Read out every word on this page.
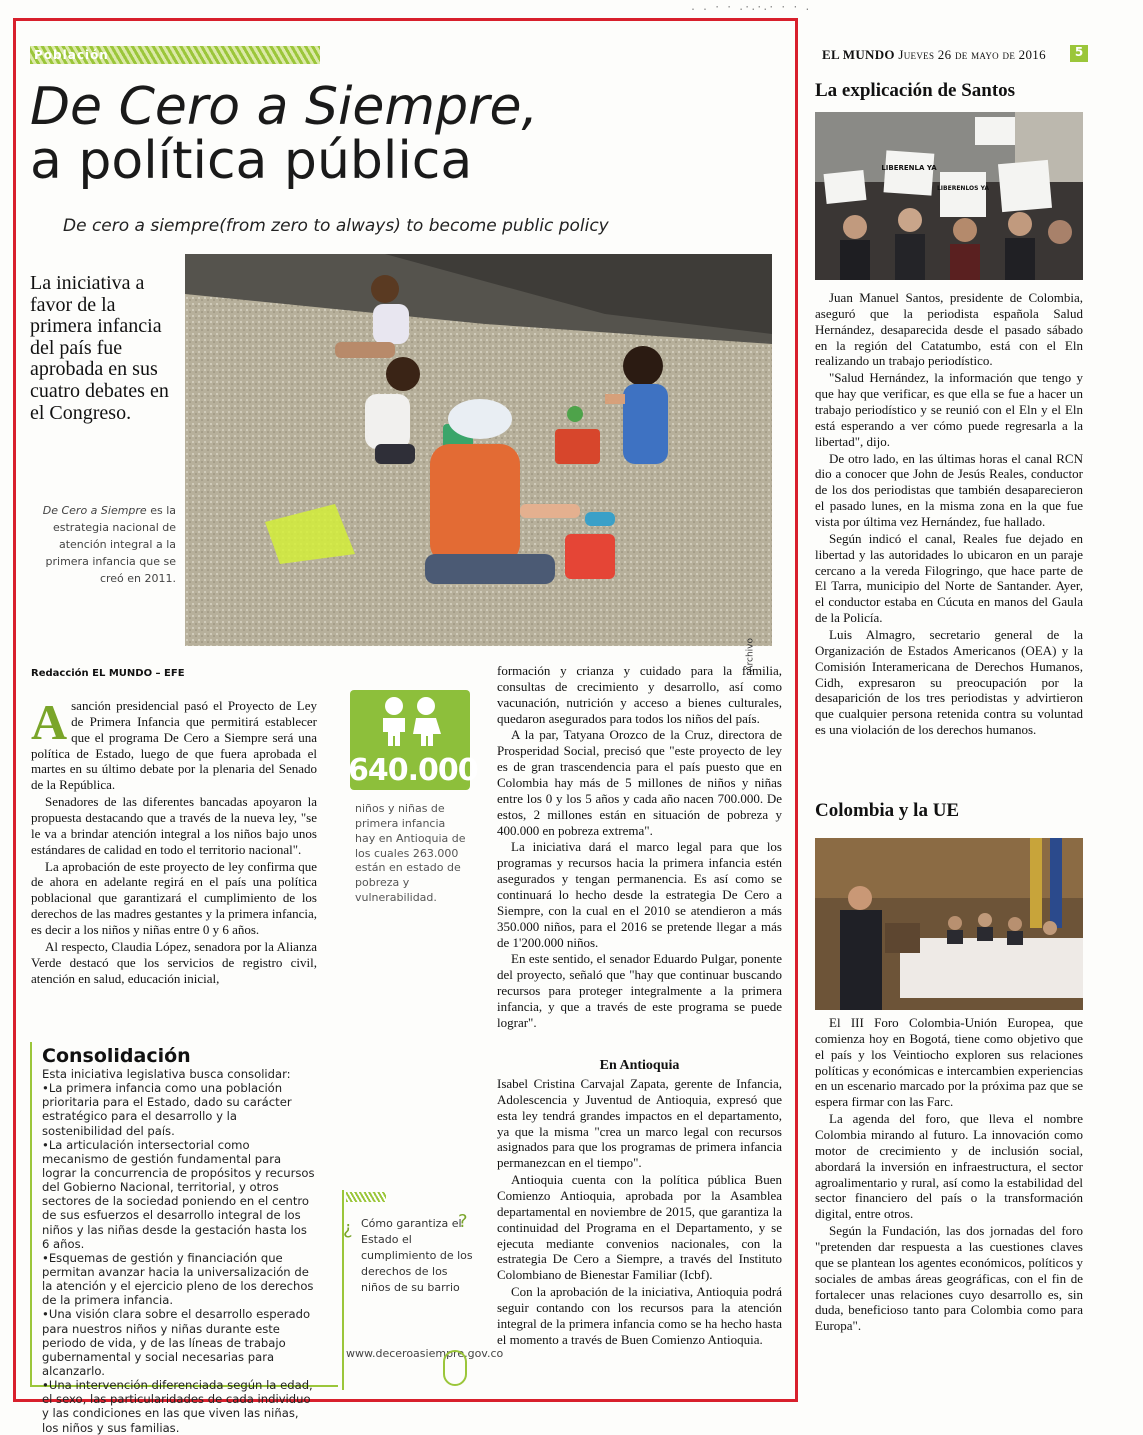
. . · · .·.·.· · · .
Población
De Cero a Siempre,
a política pública
De cero a siempre(from zero to always) to become public policy
La iniciativa a favor de la primera infancia del país fue aprobada en sus cuatro debates en el Congreso.
Archivo
De Cero a Siempre es la estrategia nacional de atención integral a la primera infancia que se creó en 2011.
Redacción EL MUNDO – EFE

Asanción presidencial pasó el Proyecto de Ley de Primera Infancia que permitirá establecer que el programa De Cero a Siempre será una política de Estado, luego de que fuera aprobada el martes en su último debate por la plenaria del Senado de la República.

Senadores de las diferentes bancadas apoyaron la propuesta destacando que a través de la nueva ley, "se le va a brindar atención integral a los niños bajo unos estándares de calidad en todo el territorio nacional".

La aprobación de este proyecto de ley confirma que de ahora en adelante regirá en el país una política poblacional que garantizará el cumplimiento de los derechos de las madres gestantes y la primera infancia, es decir a los niños y niñas entre 0 y 6 años.

Al respecto, Claudia López, senadora por la Alianza Verde destacó que los servicios de registro civil, atención en salud, educación inicial,

640.000
niños y niñas de primera infancia hay en Antioquia de los cuales 263.000 están en estado de pobreza y vulnerabilidad.

formación y crianza y cuidado para la familia, consultas de crecimiento y desarrollo, así como vacunación, nutrición y acceso a bienes culturales, quedaron asegurados para todos los niños del país.

A la par, Tatyana Orozco de la Cruz, directora de Prosperidad Social, precisó que "este proyecto de ley es de gran trascendencia para el país puesto que en Colombia hay más de 5 millones de niños y niñas entre los 0 y los 5 años y cada año nacen 700.000. De estos, 2 millones están en situación de pobreza y 400.000 en pobreza extrema".

La iniciativa dará el marco legal para que los programas y recursos hacia la primera infancia estén asegurados y tengan permanencia. Es así como se continuará lo hecho desde la estrategia De Cero a Siempre, con la cual en el 2010 se atendieron a más 350.000 niños, para el 2016 se pretende llegar a más de 1'200.000 niños.

En este sentido, el senador Eduardo Pulgar, ponente del proyecto, señaló que "hay que continuar buscando recursos para proteger integralmente a la primera infancia, y que a través de este programa se puede lograr".

En Antioquia

Isabel Cristina Carvajal Zapata, gerente de Infancia, Adolescencia y Juventud de Antioquia, expresó que esta ley tendrá grandes impactos en el departamento, ya que la misma "crea un marco legal con recursos asignados para que los programas de primera infancia permanezcan en el tiempo".

Antioquia cuenta con la política pública Buen Comienzo Antioquia, aprobada por la Asamblea departamental en noviembre de 2015, que garantiza la continuidad del Programa en el Departamento, y se ejecuta mediante convenios nacionales, con la estrategia De Cero a Siempre, a través del Instituto Colombiano de Bienestar Familiar (Icbf).

Con la aprobación de la iniciativa, Antioquia podrá seguir contando con los recursos para la atención integral de la primera infancia como se ha hecho hasta el momento a través de Buen Comienzo Antioquia.

Consolidación
Esta iniciativa legislativa busca consolidar:
•La primera infancia como una población prioritaria para el Estado, dado su carácter estratégico para el desarrollo y la sostenibilidad del país.
•La articulación intersectorial como mecanismo de gestión fundamental para lograr la concurrencia de propósitos y recursos del Gobierno Nacional, territorial, y otros sectores de la sociedad poniendo en el centro de sus esfuerzos el desarrollo integral de los niños y las niñas desde la gestación hasta los 6 años.
•Esquemas de gestión y financiación que permitan avanzar hacia la universalización de la atención y el ejercicio pleno de los derechos de la primera infancia.
•Una visión clara sobre el desarrollo esperado para nuestros niños y niñas durante este periodo de vida, y de las líneas de trabajo gubernamental y social necesarias para alcanzarlo.
•Una intervención diferenciada según la edad, el sexo, las particularidades de cada individuo y las condiciones en las que viven las niñas, los niños y sus familias.
¿	?
Cómo garantiza el Estado el cumplimiento de los derechos de los niños de su barrio
www.deceroasiempre.gov.co
EL MUNDO Jueves 26 de mayo de 2016	5
La explicación de Santos
LIBERENLA YA
LIBERENLOS YA

Juan Manuel Santos, presidente de Colombia, aseguró que la periodista española Salud Hernández, desaparecida desde el pasado sábado en la región del Catatumbo, está con el Eln realizando un trabajo periodístico.

"Salud Hernández, la información que tengo y que hay que verificar, es que ella se fue a hacer un trabajo periodístico y se reunió con el Eln y el Eln está esperando a ver cómo puede regresarla a la libertad", dijo.

De otro lado, en las últimas horas el canal RCN dio a conocer que John de Jesús Reales, conductor de los dos periodistas que también desaparecieron el pasado lunes, en la misma zona en la que fue vista por última vez Hernández, fue hallado.

Según indicó el canal, Reales fue dejado en libertad y las autoridades lo ubicaron en un paraje cercano a la vereda Filogringo, que hace parte de El Tarra, municipio del Norte de Santander. Ayer, el conductor estaba en Cúcuta en manos del Gaula de la Policía.

Luis Almagro, secretario general de la Organización de Estados Americanos (OEA) y la Comisión Interamericana de Derechos Humanos, Cidh, expresaron su preocupación por la desaparición de los tres periodistas y advirtieron que cualquier persona retenida contra su voluntad es una violación de los derechos humanos.

Colombia y la UE

El III Foro Colombia-Unión Europea, que comienza hoy en Bogotá, tiene como objetivo que el país y los Veintiocho exploren sus relaciones políticas y económicas e intercambien experiencias en un escenario marcado por la próxima paz que se espera firmar con las Farc.

La agenda del foro, que lleva el nombre Colombia mirando al futuro. La innovación como motor de crecimiento y de inclusión social, abordará la inversión en infraestructura, el sector agroalimentario y rural, así como la estabilidad del sector financiero del país o la transformación digital, entre otros.

Según la Fundación, las dos jornadas del foro "pretenden dar respuesta a las cuestiones claves que se plantean los agentes económicos, políticos y sociales de ambas áreas geográficas, con el fin de fortalecer unas relaciones cuyo desarrollo es, sin duda, beneficioso tanto para Colombia como para Europa".
